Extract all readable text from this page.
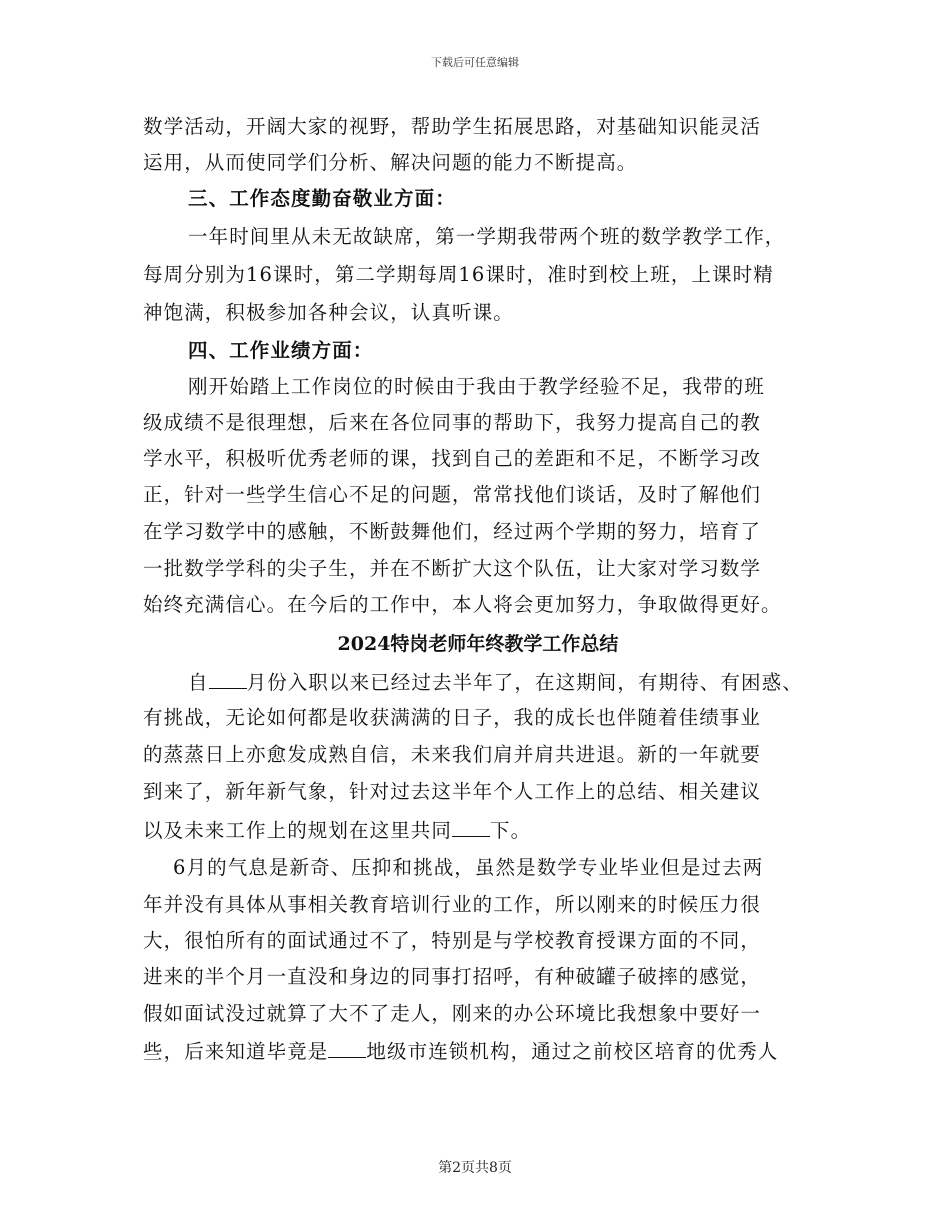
下载后可任意编辑
数学活动，开阔大家的视野，帮助学生拓展思路，对基础知识能灵活
运用，从而使同学们分析、解决问题的能力不断提高。
三、工作态度勤奋敬业方面：
一年时间里从未无故缺席，第一学期我带两个班的数学教学工作，
每周分别为16课时，第二学期每周16课时，准时到校上班，上课时精
神饱满，积极参加各种会议，认真听课。
四、工作业绩方面：
刚开始踏上工作岗位的时候由于我由于教学经验不足，我带的班
级成绩不是很理想，后来在各位同事的帮助下，我努力提高自己的教
学水平，积极听优秀老师的课，找到自己的差距和不足，不断学习改
正，针对一些学生信心不足的问题，常常找他们谈话，及时了解他们
在学习数学中的感触，不断鼓舞他们，经过两个学期的努力，培育了
一批数学学科的尖子生，并在不断扩大这个队伍，让大家对学习数学
始终充满信心。在今后的工作中，本人将会更加努力，争取做得更好。
2024特岗老师年终教学工作总结
自 月份入职以来已经过去半年了，在这期间，有期待、有困惑、
有挑战，无论如何都是收获满满的日子，我的成长也伴随着佳绩事业
的蒸蒸日上亦愈发成熟自信，未来我们肩并肩共进退。新的一年就要
到来了，新年新气象，针对过去这半年个人工作上的总结、相关建议
以及未来工作上的规划在这里共同 下。
6月的气息是新奇、压抑和挑战，虽然是数学专业毕业但是过去两
年并没有具体从事相关教育培训行业的工作，所以刚来的时候压力很
大，很怕所有的面试通过不了，特别是与学校教育授课方面的不同，
进来的半个月一直没和身边的同事打招呼，有种破罐子破摔的感觉，
假如面试没过就算了大不了走人，刚来的办公环境比我想象中要好一
些，后来知道毕竟是 地级市连锁机构，通过之前校区培育的优秀人
第2页共8页
